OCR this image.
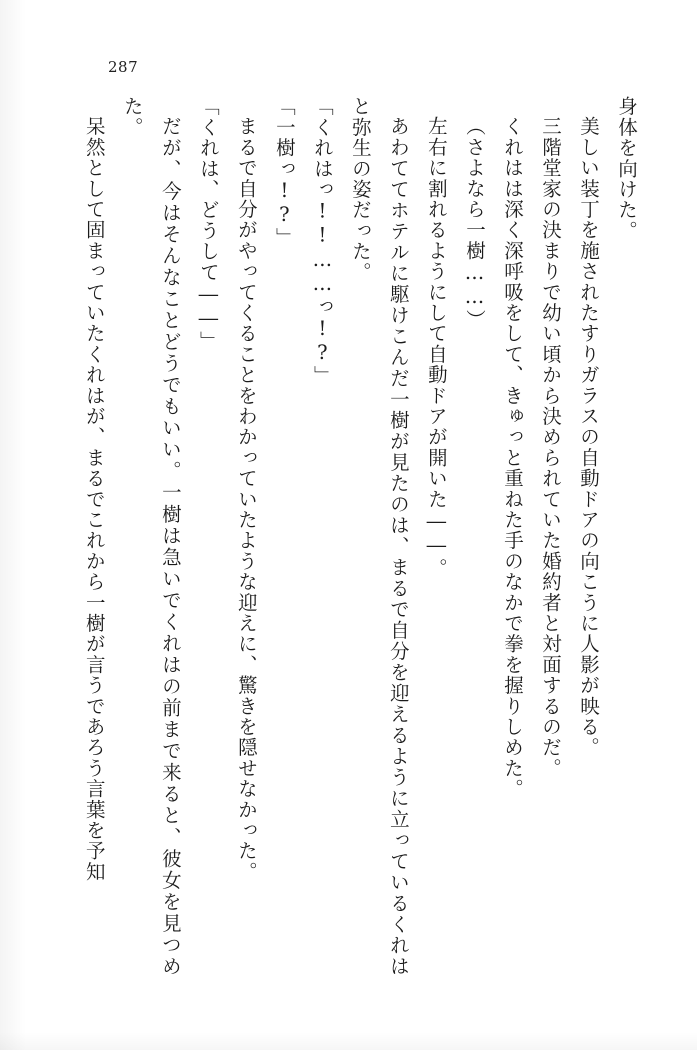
287

身体を向けた。

美しい装丁を施されたすりガラスの自動ドアの向こうに人影が映る。

三階堂家の決まりで幼い頃から決められていた婚約者と対面するのだ。

くれはは深く深呼吸をして、きゅっと重ねた手のなかで拳を握りしめた。

（さよなら一樹……）

左右に割れるようにして自動ドアが開いた――。

あわててホテルに駆けこんだ一樹が見たのは、まるで自分を迎えるように立っているくれはと弥生の姿だった。

「くれはっ!!……っ!?」

「一樹っ!?」

まるで自分がやってくることをわかっていたような迎えに、驚きを隠せなかった。

「くれは、どうして――」

だが、今はそんなことどうでもいい。一樹は急いでくれはの前まで来ると、彼女を見つめた。

呆然として固まっていたくれはが、まるでこれから一樹が言うであろう言葉を予知
